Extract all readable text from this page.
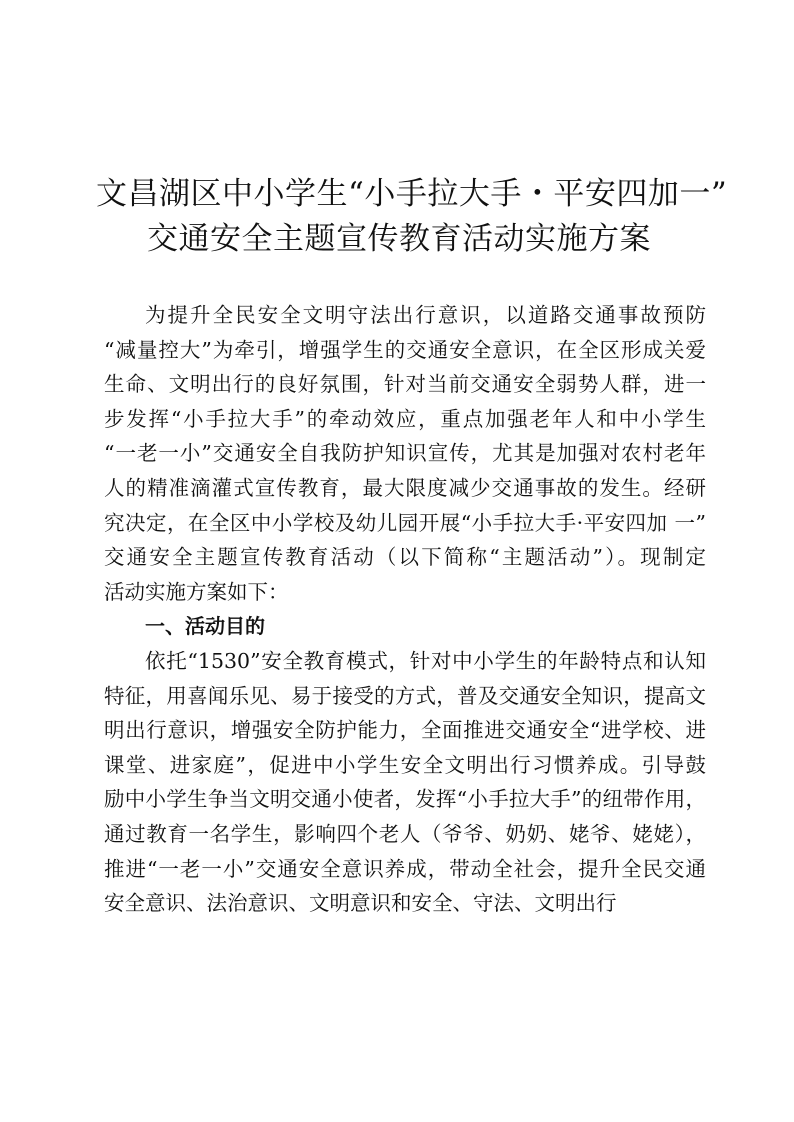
文昌湖区中小学生“小手拉大手・平安四加一”
交通安全主题宣传教育活动实施方案
为提升全民安全文明守法出行意识，以道路交通事故预防
“减量控大”为牵引，增强学生的交通安全意识，在全区形成关爱
生命、文明出行的良好氛围，针对当前交通安全弱势人群，进一
步发挥“小手拉大手”的牵动效应，重点加强老年人和中小学生
“一老一小”交通安全自我防护知识宣传，尤其是加强对农村老年
人的精准滴灌式宣传教育，最大限度减少交通事故的发生。经研
究决定，在全区中小学校及幼儿园开展“小手拉大手·平安四加 一”
交通安全主题宣传教育活动（以下简称“主题活动”）。现制定
活动实施方案如下：
一、活动目的
依托“1530”安全教育模式，针对中小学生的年龄特点和认知
特征，用喜闻乐见、易于接受的方式，普及交通安全知识，提高文
明出行意识，增强安全防护能力，全面推进交通安全“进学校、进
课堂、进家庭”，促进中小学生安全文明出行习惯养成。引导鼓
励中小学生争当文明交通小使者，发挥“小手拉大手”的纽带作用，
通过教育一名学生，影响四个老人（爷爷、奶奶、姥爷、姥姥），
推进“一老一小”交通安全意识养成，带动全社会，提升全民交通
安全意识、法治意识、文明意识和安全、守法、文明出行
